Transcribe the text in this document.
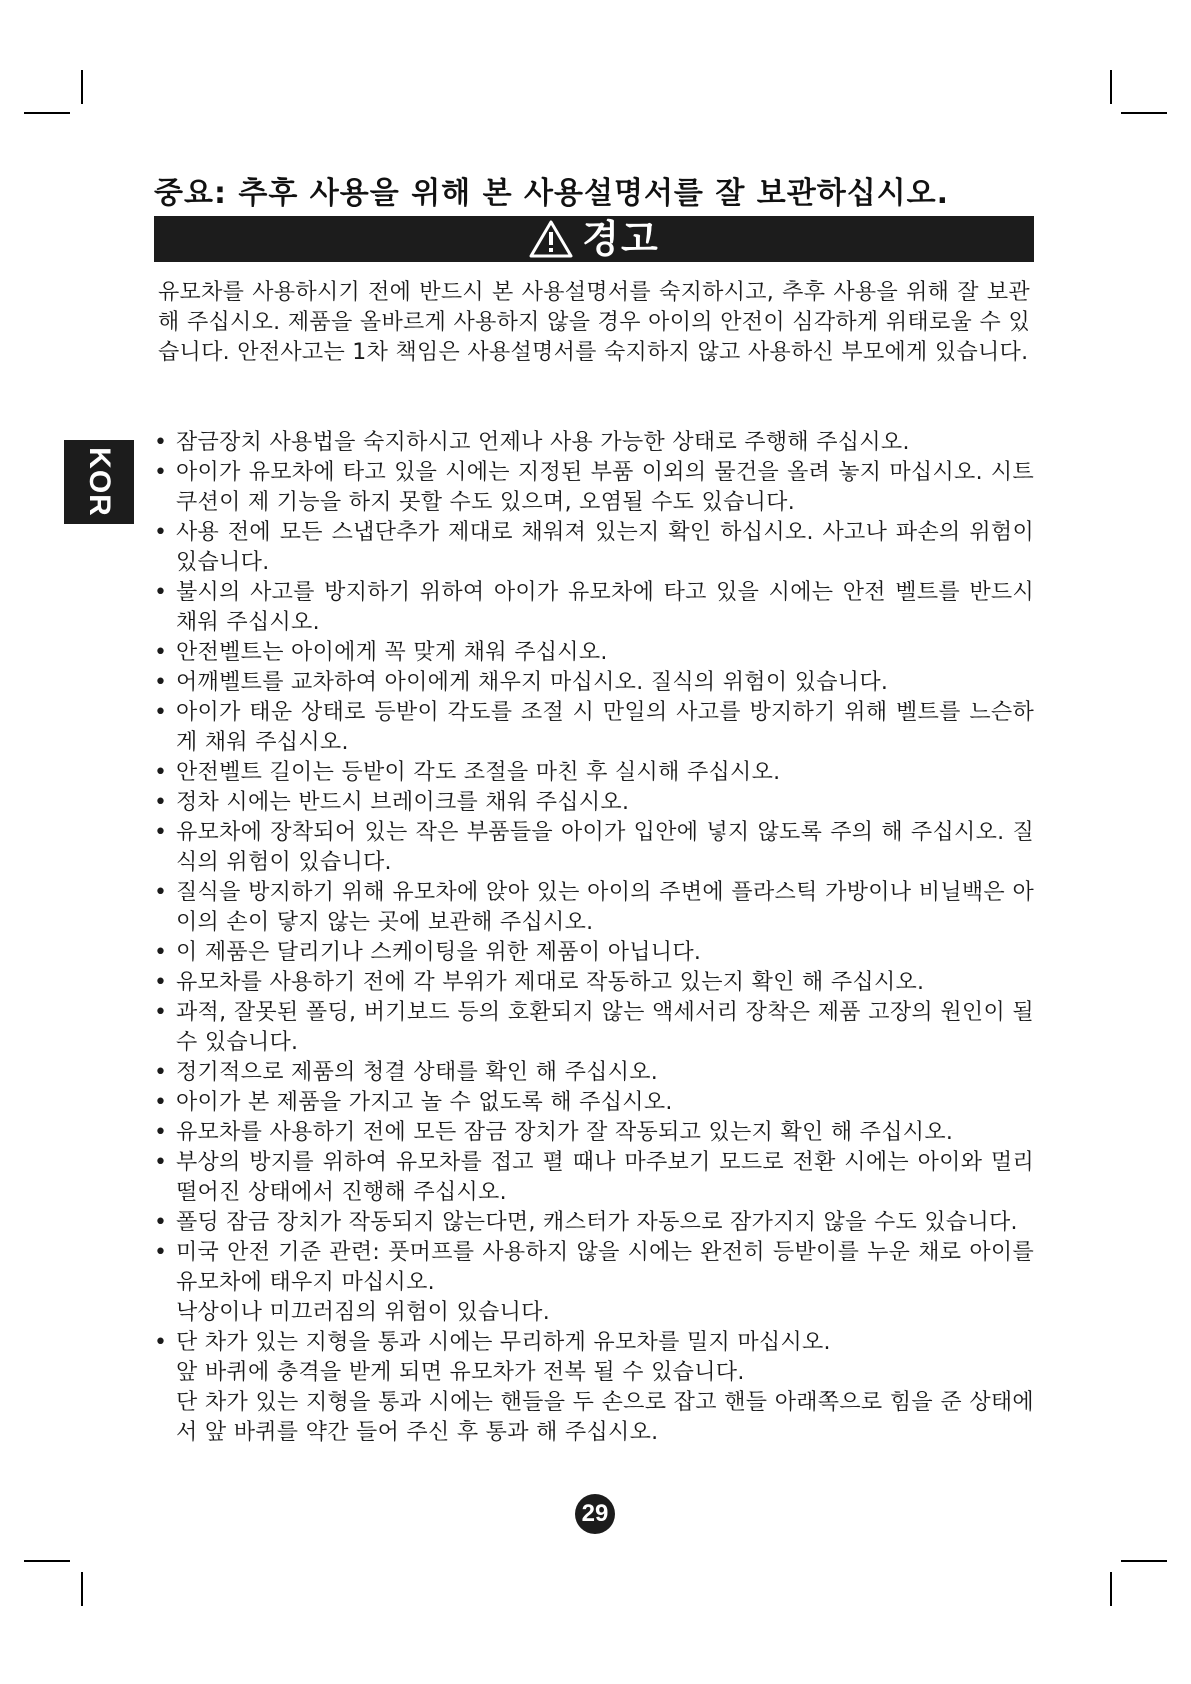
중요: 추후 사용을 위해 본 사용설명서를 잘 보관하십시오.
경고

유모차를 사용하시기 전에 반드시 본 사용설명서를 숙지하시고, 추후 사용을 위해 잘 보관해 주십시오. 제품을 올바르게 사용하지 않을 경우 아이의 안전이 심각하게 위태로울 수 있습니다. 안전사고는 1차 책임은 사용설명서를 숙지하지 않고 사용하신 부모에게 있습니다.

KOR
• 잠금장치 사용법을 숙지하시고 언제나 사용 가능한 상태로 주행해 주십시오.
• 아이가 유모차에 타고 있을 시에는 지정된 부품 이외의 물건을 올려 놓지 마십시오. 시트 쿠션이 제 기능을 하지 못할 수도 있으며, 오염될 수도 있습니다.
• 사용 전에 모든 스냅단추가 제대로 채워져 있는지 확인 하십시오. 사고나 파손의 위험이 있습니다.
• 불시의 사고를 방지하기 위하여 아이가 유모차에 타고 있을 시에는 안전 벨트를 반드시 채워 주십시오.
• 안전벨트는 아이에게 꼭 맞게 채워 주십시오.
• 어깨벨트를 교차하여 아이에게 채우지 마십시오. 질식의 위험이 있습니다.
• 아이가 태운 상태로 등받이 각도를 조절 시 만일의 사고를 방지하기 위해 벨트를 느슨하게 채워 주십시오.
• 안전벨트 길이는 등받이 각도 조절을 마친 후 실시해 주십시오.
• 정차 시에는 반드시 브레이크를 채워 주십시오.
• 유모차에 장착되어 있는 작은 부품들을 아이가 입안에 넣지 않도록 주의 해 주십시오. 질식의 위험이 있습니다.
• 질식을 방지하기 위해 유모차에 앉아 있는 아이의 주변에 플라스틱 가방이나 비닐백은 아이의 손이 닿지 않는 곳에 보관해 주십시오.
• 이 제품은 달리기나 스케이팅을 위한 제품이 아닙니다.
• 유모차를 사용하기 전에 각 부위가 제대로 작동하고 있는지 확인 해 주십시오.
• 과적, 잘못된 폴딩, 버기보드 등의 호환되지 않는 액세서리 장착은 제품 고장의 원인이 될 수 있습니다.
• 정기적으로 제품의 청결 상태를 확인 해 주십시오.
• 아이가 본 제품을 가지고 놀 수 없도록 해 주십시오.
• 유모차를 사용하기 전에 모든 잠금 장치가 잘 작동되고 있는지 확인 해 주십시오.
• 부상의 방지를 위하여 유모차를 접고 펼 때나 마주보기 모드로 전환 시에는 아이와 멀리 떨어진 상태에서 진행해 주십시오.
• 폴딩 잠금 장치가 작동되지 않는다면, 캐스터가 자동으로 잠가지지 않을 수도 있습니다.
• 미국 안전 기준 관련: 풋머프를 사용하지 않을 시에는 완전히 등받이를 누운 채로 아이를 유모차에 태우지 마십시오.
낙상이나 미끄러짐의 위험이 있습니다.
• 단 차가 있는 지형을 통과 시에는 무리하게 유모차를 밀지 마십시오.
앞 바퀴에 충격을 받게 되면 유모차가 전복 될 수 있습니다.
단 차가 있는 지형을 통과 시에는 핸들을 두 손으로 잡고 핸들 아래쪽으로 힘을 준 상태에서 앞 바퀴를 약간 들어 주신 후 통과 해 주십시오.
29
